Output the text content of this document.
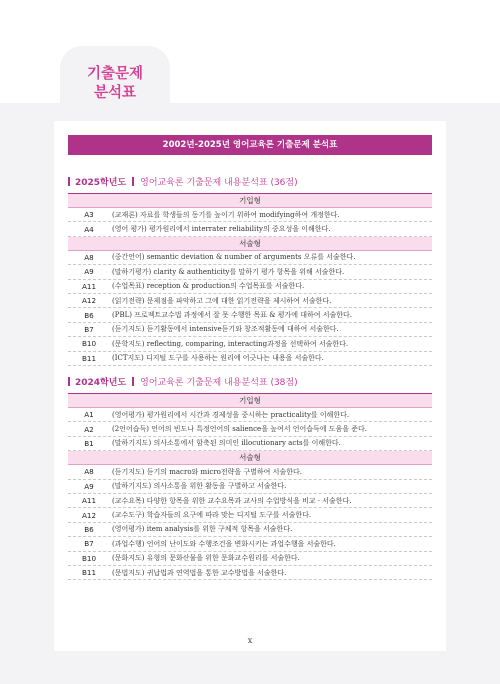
기출문제
분석표
2002년-2025년 영어교육론 기출문제 분석표
2025학년도 영어교육론 기출문제 내용분석표 (36점)
기입형
A3	(교재론) 자료를 학생들의 동기를 높이기 위하여 modifying하여 개정한다.
A4	(영어 평가) 평가원리에서 interrater reliability의 중요성을 이해한다.
서술형
A8	(중간언어) semantic deviation & number of arguments 오류를 서술한다.
A9	(말하기평가) clarity & authenticity를 말하기 평가 항목을 위해 서술한다.
A11	(수업목표) reception & production의 수업목표를 서술한다.
A12	(읽기전략) 문제점을 파악하고 그에 대한 읽기전략을 제시하여 서술한다.
B6	(PBL) 프로젝트교수법 과정에서 잘 못 수행한 목표 & 평가에 대하여 서술한다.
B7	(듣기지도) 듣기활동에서 intensive듣기와 창조적활동에 대하여 서술한다.
B10	(문학지도) reflecting, comparing, interacting과정을 선택하여 서술한다.
B11	(ICT지도) 디지털 도구를 사용하는 원리에 어긋나는 내용을 서술한다.
2024학년도 영어교육론 기출문제 내용분석표 (38점)
기입형
A1	(영어평가) 평가원리에서 시간과 경제성을 중시하는 practicality를 이해한다.
A2	(2언어습득) 언어의 빈도나 특정언어의 salience을 높여서 언어습득에 도움을 준다.
B1	(말하기지도) 의사소통에서 함축된 의미인 illocutionary acts를 이해한다.
서술형
A8	(듣기지도) 듣기의 macro와 micro전략을 구별하여 서술한다.
A9	(말하기지도) 의사소통을 위한 활동을 구별하고 서술한다.
A11	(교수요목) 다양한 항목을 위한 교수요목과 교사의 수업방식을 비교 · 서술한다.
A12	(교수도구) 학습자들의 요구에 따라 맞는 디지털 도구를 서술한다.
B6	(영어평가) item analysis를 위한 구체적 항목을 서술한다.
B7	(과업수행) 언어의 난이도와 수행조건을 변화시키는 과업수행을 서술한다.
B10	(문화지도) 유형의 문화산물을 위한 문화교수원리를 서술한다.
B11	(문법지도) 귀납법과 연역법을 통한 교수방법을 서술한다.
x
